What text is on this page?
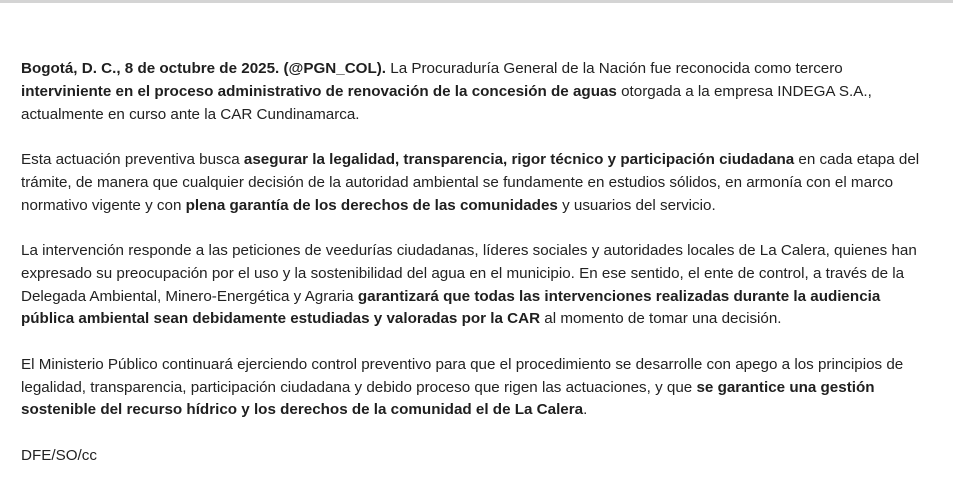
Bogotá, D. C., 8 de octubre de 2025. (@PGN_COL). La Procuraduría General de la Nación fue reconocida como tercero interviniente en el proceso administrativo de renovación de la concesión de aguas otorgada a la empresa INDEGA S.A., actualmente en curso ante la CAR Cundinamarca.

Esta actuación preventiva busca asegurar la legalidad, transparencia, rigor técnico y participación ciudadana en cada etapa del trámite, de manera que cualquier decisión de la autoridad ambiental se fundamente en estudios sólidos, en armonía con el marco normativo vigente y con plena garantía de los derechos de las comunidades y usuarios del servicio.

La intervención responde a las peticiones de veedurías ciudadanas, líderes sociales y autoridades locales de La Calera, quienes han expresado su preocupación por el uso y la sostenibilidad del agua en el municipio. En ese sentido, el ente de control, a través de la Delegada Ambiental, Minero-Energética y Agraria garantizará que todas las intervenciones realizadas durante la audiencia pública ambiental sean debidamente estudiadas y valoradas por la CAR al momento de tomar una decisión.

El Ministerio Público continuará ejerciendo control preventivo para que el procedimiento se desarrolle con apego a los principios de legalidad, transparencia, participación ciudadana y debido proceso que rigen las actuaciones, y que se garantice una gestión sostenible del recurso hídrico y los derechos de la comunidad el de La Calera.

DFE/SO/cc
